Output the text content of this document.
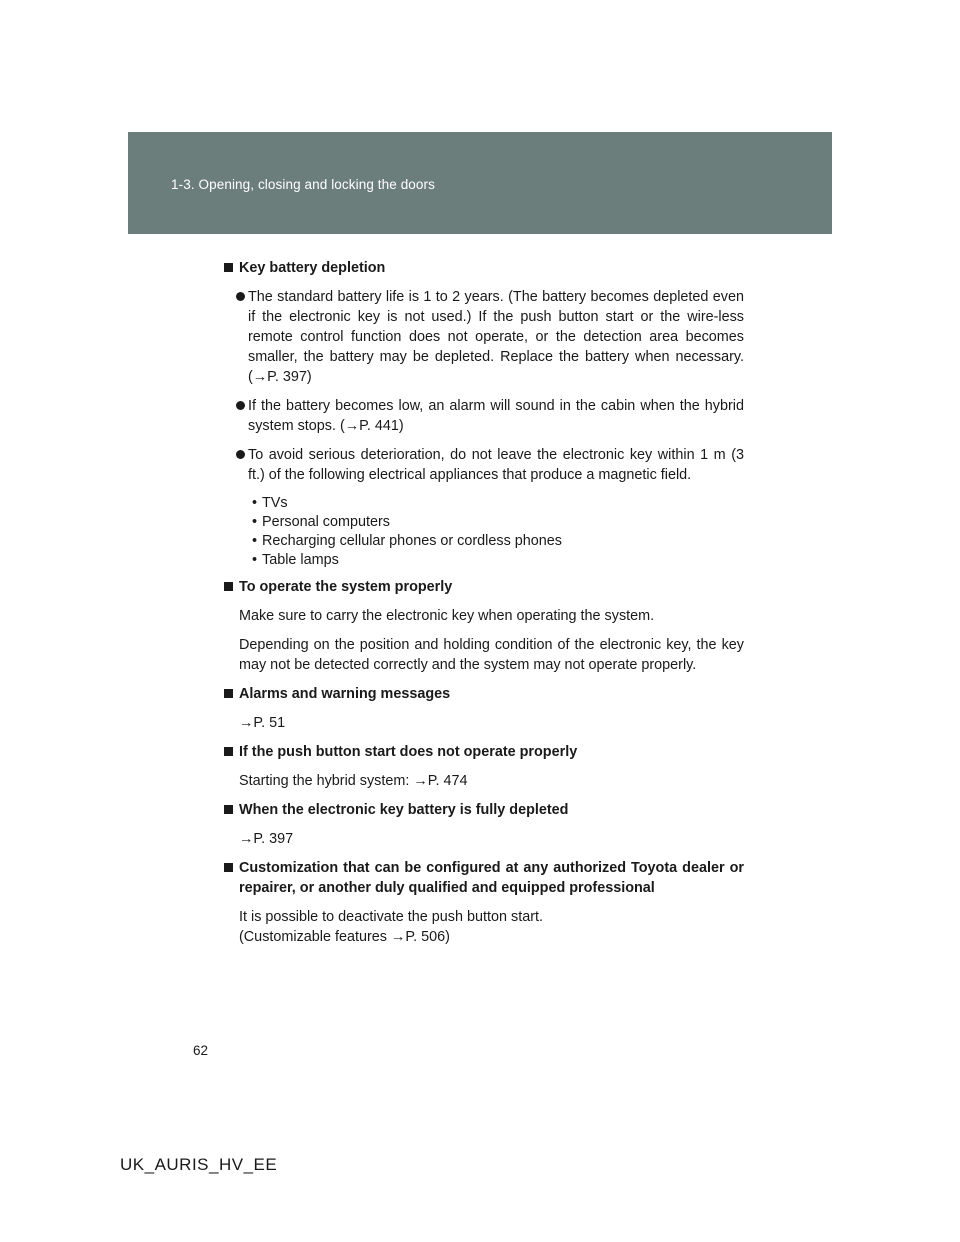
1-3. Opening, closing and locking the doors
Key battery depletion
The standard battery life is 1 to 2 years. (The battery becomes depleted even if the electronic key is not used.) If the push button start or the wire-less remote control function does not operate, or the detection area becomes smaller, the battery may be depleted. Replace the battery when necessary. (→P. 397)
If the battery becomes low, an alarm will sound in the cabin when the hybrid system stops. (→P. 441)
To avoid serious deterioration, do not leave the electronic key within 1 m (3 ft.) of the following electrical appliances that produce a magnetic field.
• TVs
• Personal computers
• Recharging cellular phones or cordless phones
• Table lamps
To operate the system properly
Make sure to carry the electronic key when operating the system.
Depending on the position and holding condition of the electronic key, the key may not be detected correctly and the system may not operate properly.
Alarms and warning messages
→P. 51
If the push button start does not operate properly
Starting the hybrid system: →P. 474
When the electronic key battery is fully depleted
→P. 397
Customization that can be configured at any authorized Toyota dealer or repairer, or another duly qualified and equipped professional
It is possible to deactivate the push button start.
(Customizable features →P. 506)
62
UK_AURIS_HV_EE
